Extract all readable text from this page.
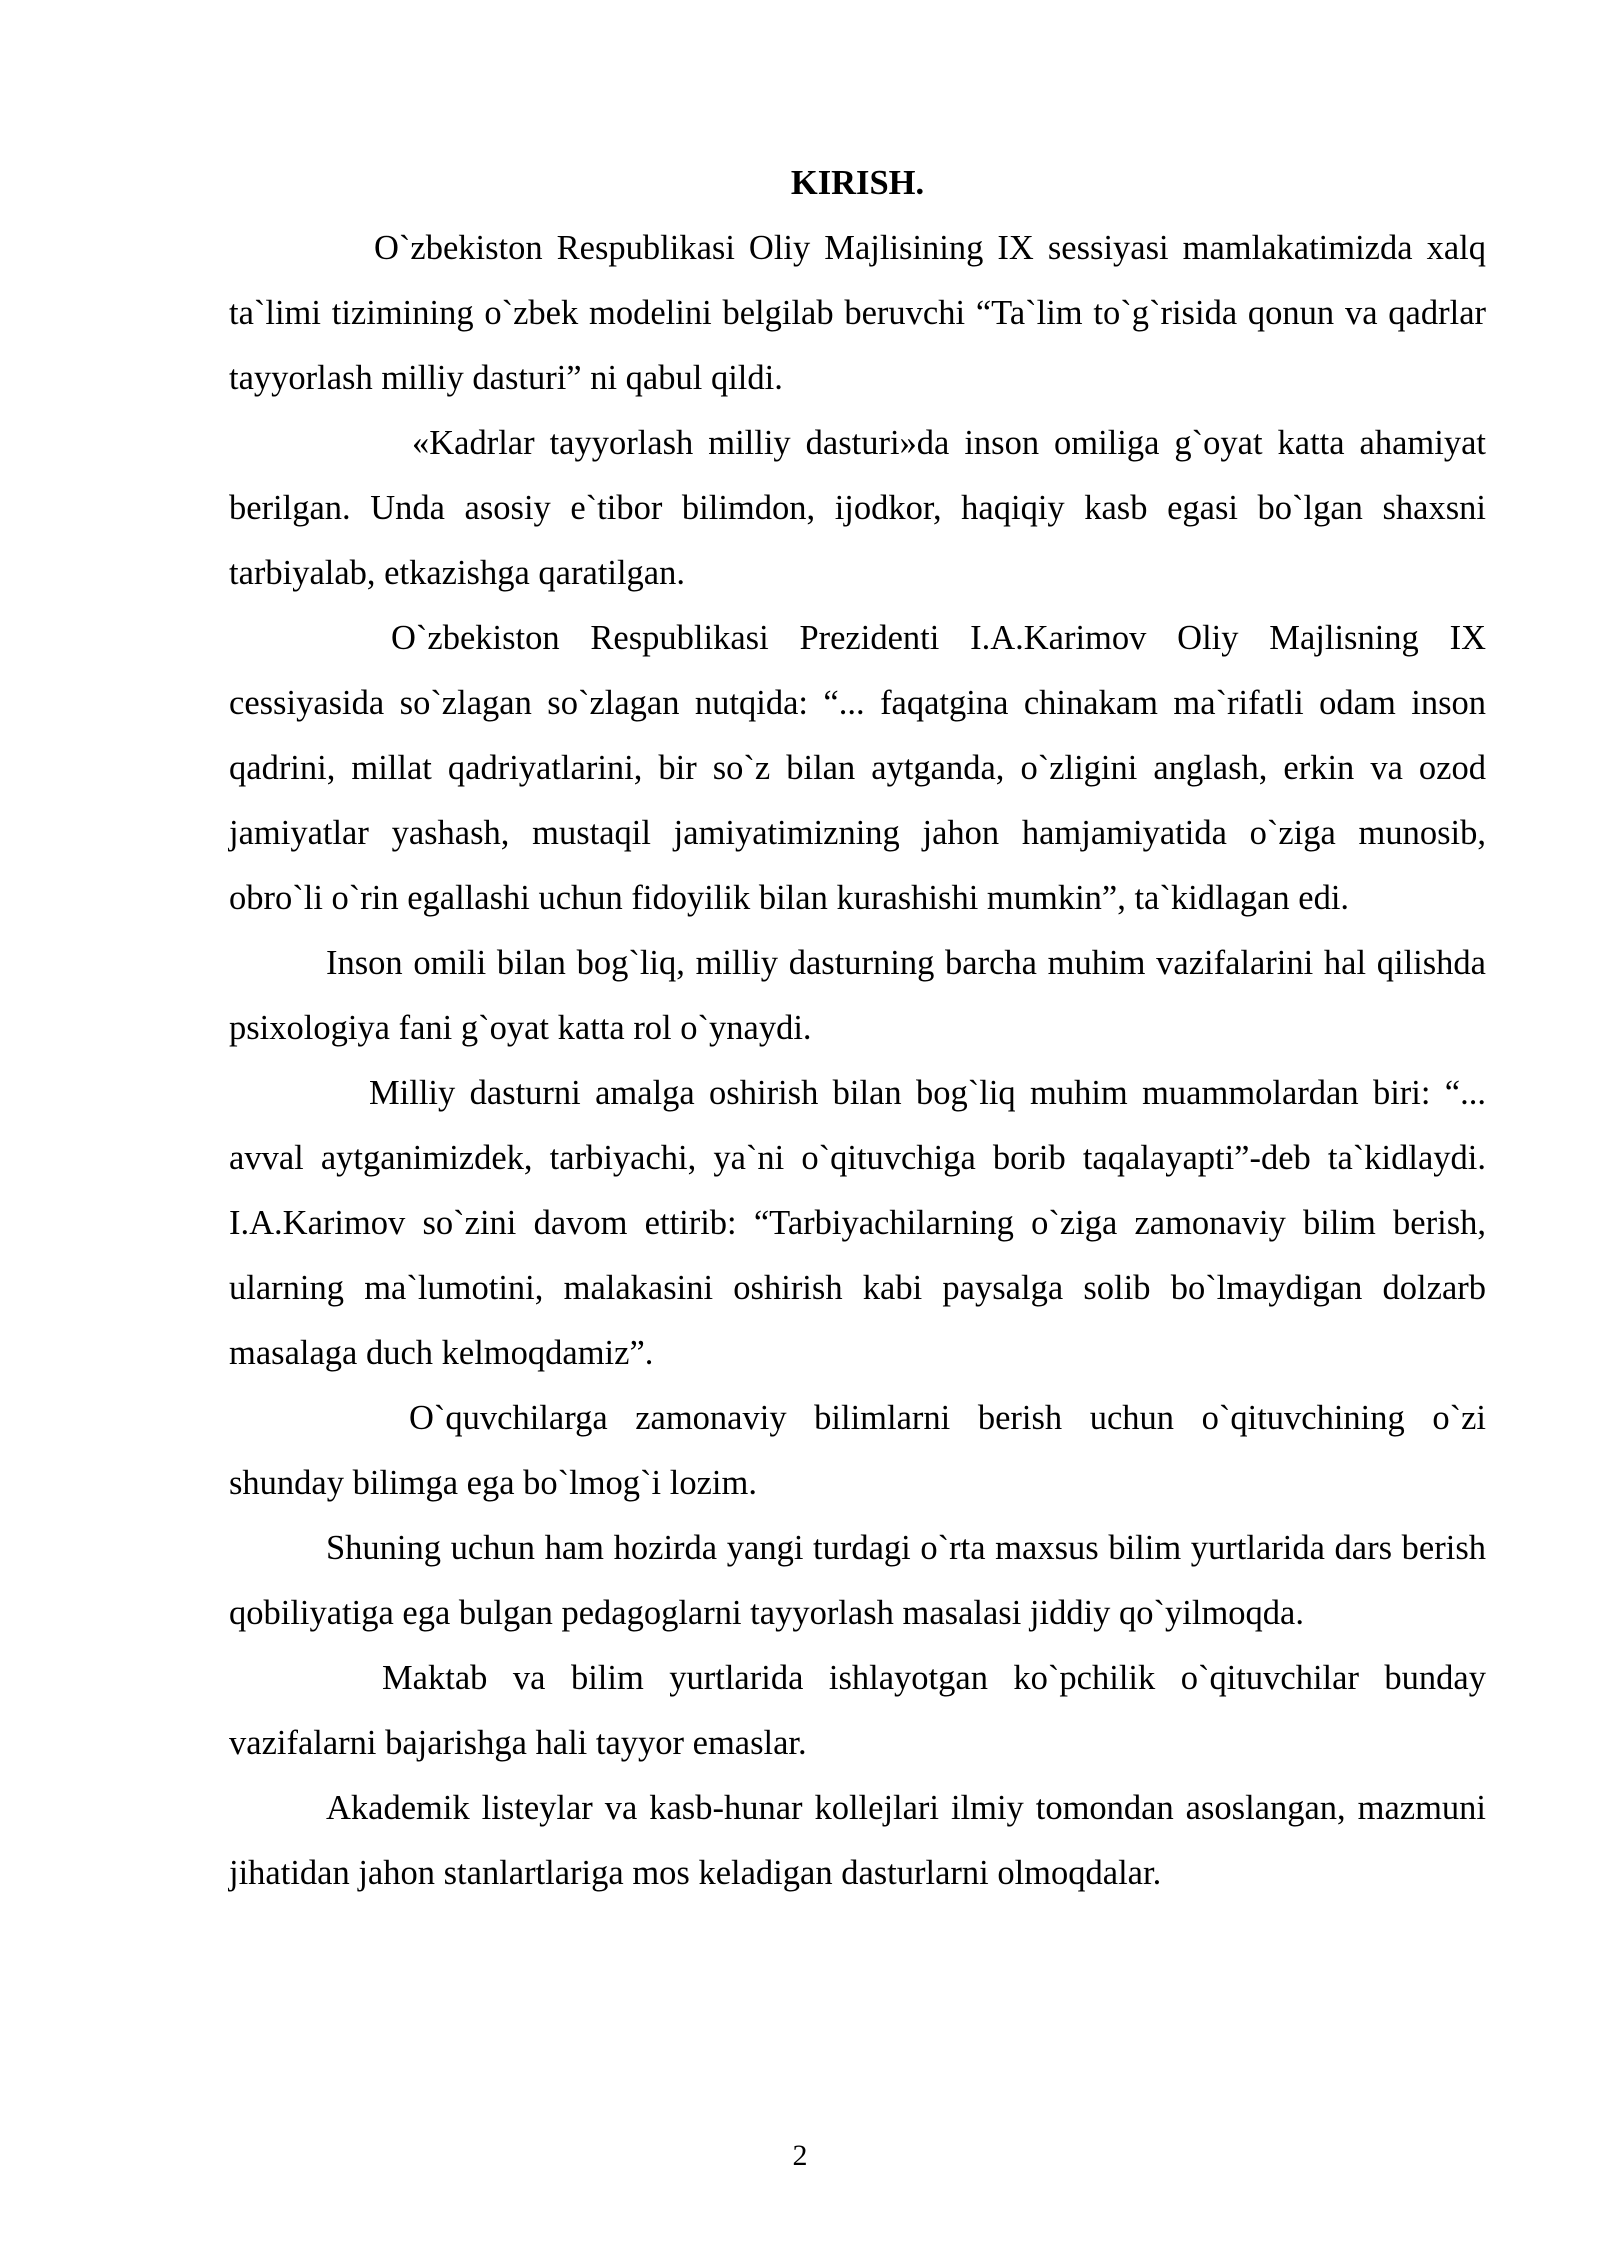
KIRISH.

O`zbekiston Respublikasi Oliy Majlisining IX sessiyasi mamlakatimizda xalq ta`limi tizimining o`zbek modelini belgilab beruvchi “Ta`lim to`g`risida qonun va qadrlar tayyorlash milliy dasturi” ni qabul qildi.

«Kadrlar tayyorlash milliy dasturi»da inson omiliga g`oyat katta ahamiyat berilgan. Unda asosiy e`tibor bilimdon, ijodkor, haqiqiy kasb egasi bo`lgan shaxsni tarbiyalab, etkazishga qaratilgan.

O`zbekiston Respublikasi Prezidenti I.A.Karimov Oliy Majlisning IX cessiyasida so`zlagan so`zlagan nutqida: “... faqatgina chinakam ma`rifatli odam inson qadrini, millat qadriyatlarini, bir so`z bilan aytganda, o`zligini anglash, erkin va ozod jamiyatlar yashash, mustaqil jamiyatimizning jahon hamjamiyatida o`ziga munosib, obro`li o`rin egallashi uchun fidoyilik bilan kurashishi mumkin”, ta`kidlagan edi.

Inson omili bilan bog`liq, milliy dasturning barcha muhim vazifalarini hal qilishda psixologiya fani g`oyat katta rol o`ynaydi.

Milliy dasturni amalga oshirish bilan bog`liq muhim muammolardan biri: “... avval aytganimizdek, tarbiyachi, ya`ni o`qituvchiga borib taqalayapti”-deb ta`kidlaydi. I.A.Karimov so`zini davom ettirib: “Tarbiyachilarning o`ziga zamonaviy bilim berish, ularning ma`lumotini, malakasini oshirish kabi paysalga solib bo`lmaydigan dolzarb masalaga duch kelmoqdamiz”.

O`quvchilarga zamonaviy bilimlarni berish uchun o`qituvchining o`zi shunday bilimga ega bo`lmog`i lozim.

Shuning uchun ham hozirda yangi turdagi o`rta maxsus bilim yurtlarida dars berish qobiliyatiga ega bulgan pedagoglarni tayyorlash masalasi jiddiy qo`yilmoqda.

Maktab va bilim yurtlarida ishlayotgan ko`pchilik o`qituvchilar bunday vazifalarni bajarishga hali tayyor emaslar.

Akademik listeylar va kasb-hunar kollejlari ilmiy tomondan asoslangan, mazmuni jihatidan jahon stanlartlariga mos keladigan dasturlarni olmoqdalar.

2
